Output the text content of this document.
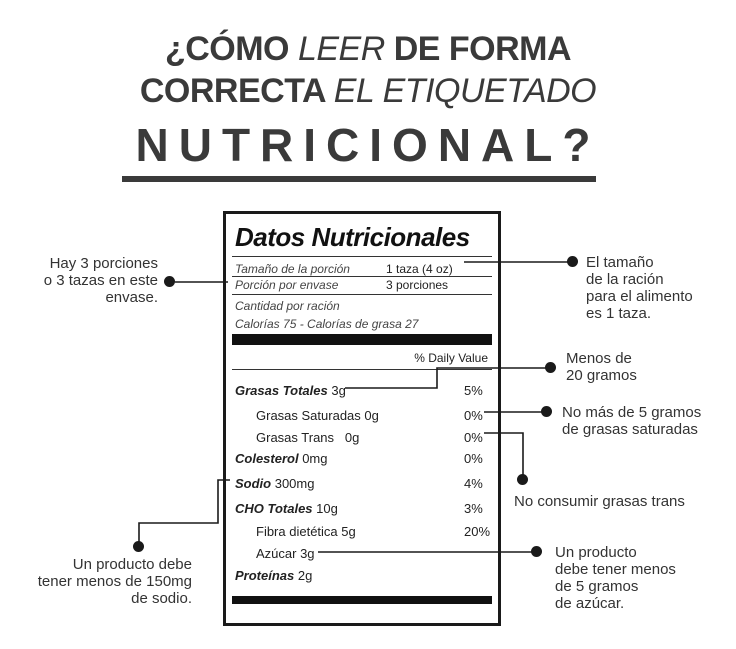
¿CÓMO LEER DE FORMA
CORRECTA EL ETIQUETADO
NUTRICIONAL?
Datos Nutricionales
Tamaño de la porción	1 taza (4 oz)
Porción por envase	3 porciones
Cantidad por ración
Calorías 75 - Calorías de grasa 27
% Daily Value
Grasas Totales 3g	5%
Grasas Saturadas 0g	0%
Grasas Trans   0g	0%
Colesterol 0mg	0%
Sodio 300mg	4%
CHO Totales 10g	3%
Fibra dietética 5g	20%
Azúcar 3g
Proteínas 2g
Hay 3 porciones
o 3 tazas en este
envase.
El tamaño
de la ración
para el alimento
es 1 taza.
Menos de
20 gramos
No más de 5 gramos
de grasas saturadas
No consumir grasas trans
Un producto debe
tener menos de 150mg
de sodio.
Un producto
debe tener menos
de 5 gramos
de azúcar.
